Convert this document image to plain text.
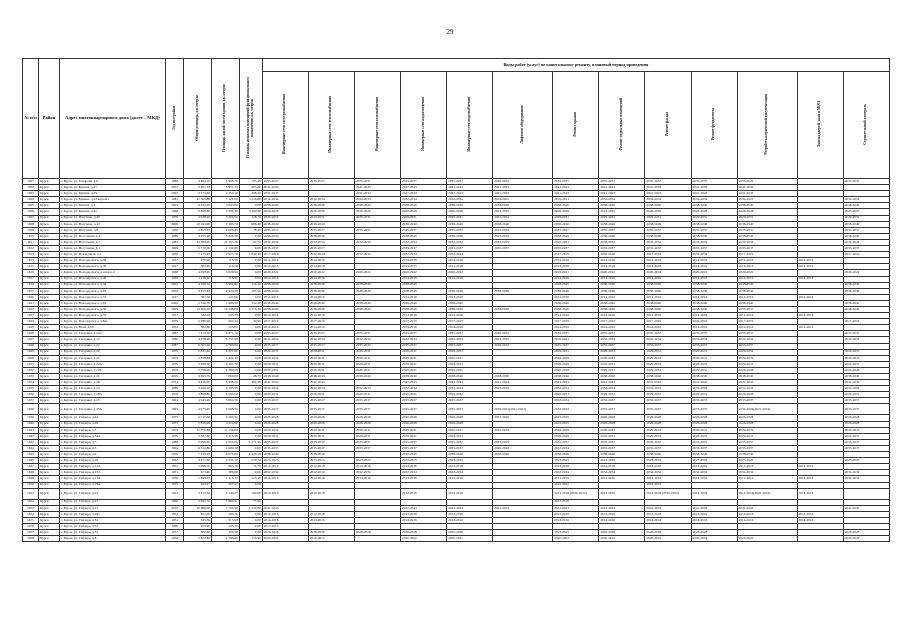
29
№ п/п	Район	Адрес многоквартирного дома (далее – МКД)	Год постройки	Общая площадь, кв. метров	Площадь жилой части здания, кв. метров	Площадь нежилых помещений функционального назначения, кв. метров	Виды работ (услуг) по капитальному ремонту, плановый период проведения												
							Инженерные сети электроснабжения	Инженерные сети теплоснабжения	Инженерные сети газоснабжения	Инженерные сети водоотведения	Инженерные сети водоснабжения	Лифтовое оборудование	Ремонт крыши	Ремонт подвальных помещений	Ремонт фасада	Ремонт фундамента	Разработка проектной документации	Замена дверей, окон в МОП	Строительный контроль
1601	Курск	г. Курск, ул. Бочарова, д.6	1988	4 864,10	3 906,70	705,40	2035-2037	2035-2037	2035-2037	2035-2037	2035-2037	2020-2022	2035-2037	2035-2037	2035-2037	2035-2037	2035-2022		2035-2037
1602	Курск	г. Курск, ул. Бунина, д.17	2003	5 901,30	3 901,30	205,20	2041-2043		2041-2043	2041-2043	2041-2043	2041-2043	2041-2043	2041-2043	2041-2043	2041-2043	2041-2043		
1603	Курск	г. Курск, ул. Бунина, д.19	2003	3 573,60	2 454,10	368,40	2041-2043		2041-2043	2041-2043	2041-2043	2041-2043	2041-2043	2041-2043	2041-2043	2041-2043	2041-2043		
1604	Курск	г. Курск, ул. Бунина, д.22 корп.Б1	1981	11 565,80	7 121,50	3 216,80	2032-2034	2032-2034	2032-2034	2032-2034	2032-2034	2023-2025	2019-2021	2032-2034	2032-2034	2032-2034	2032-2023		2032-2034
1605	Курск	г. Курск, ул. Бунина, д.3	2004	6 652,00	5 047,80	0,00	2038-2040	2038-2040	2038-2040	2038-2040	2038-2040	2038-2040	2038-2040	2038-2040	2038-2040	2038-2040	2038-2040		2038-2040
1606	Курск	г. Курск, ул. Бунина, д.4а	1998	9 866,60	3 290,30	3 160,90	2026-2028	2026-2028	2026-2028	2026-2028	2026-2028	2023-2025	2026-2028	2023-2025	2026-2028	2026-2028	2026-2028		2023-2025
1607	Курск	г. Курск, ул. Ватутина, д.20	1976	4 638,20	3 204,90	128,70	2029-2031	2029-2031	2029-2031	2029-2031	2029-2031	2032-2034	2029-2031	2029-2031	2029-2031	2029-2031	2029-2031		2029-2031
1608	Курск	г. Курск, ул. Ватутина, д.23	2006	10 044,90	7 395,70	686,40	2038-2040	2038-2040		2038-2040	2038-2040	2038-2040	2038-2040	2038-2040	2038-2040	2038-2040	2038-2040		2038-2040
1609	Курск	г. Курск, ул. Ватутина, д.8	1960	2 825,10	2 006,40	78,40	2035-2037	2035-2037	2035-2037	2035-2037	2035-2037	2032-2034	2035-2037	2035-2037	2035-2037	2035-2037	2035-2037		2035-2037
1610	Курск	г. Курск, ул. Восточная, д.4	1989	4 955,40	3 626,20	0,00	2038-2040	2038-2040		2038-2040	2038-2040	2023-2025	2038-2040	2038-2040	2038-2040	2038-2040	2038-2040		2038-2040
1611	Курск	г. Курск, ул. Восточная, д.7	1982	34 394,20	22 507,20	62,70	2032-2034	2032-2034	2032-2034	2032-2034	2032-2034	2023-2025	2019-2021	2032-2034	2032-2034	2032-2034	2032-2034		2032-2034
1612	Курск	г. Курск, ул. Восточная, д.1	1999	2 779,50	2 132,80	0,00	2035-2037	2035-2037		2035-2037	2035-2037	2035-2037	2035-2037	2035-2037	2035-2037	2035-2037	2035-2037		2035-2037
1613	Курск	г. Курск, ул. Вокзальная, д.1	1956	7 175,40	2 927,70	1 044,30	2017-2019	2032-2034	2032-2034	2032-2034	2032-2034		2017-2019	2018-2018	2017-2019	2032-2034	2017-2019		2017-2019
1614	Курск	г. Курск, ул. Володарского, д.39	1917	270,90	115,50	0,00	2014-2016	2014-2016		2014-2016	2014-2016		2014-2016	2014-2016	2014-2016	2014-2016	2014-2016	2014-2016	
1615	Курск	г. Курск, ул. Володарского, д.36	1917	301,20	114,50	0,00	2014-2015	2014-2016		2014-2015	2014-2016		2014-2016	2014-2016	2014-2016	2014-2016	2014-2016	2014-2016	
1616	Курск	г. Курск, ул. Володарского, д.4 корп.2	1968	4 998,20	3 829,60	0,00	2020-2022	2020-2022	2020-2022	2020-2022	2020-2022		2019-2021	2020-2022	2020-2022	2020-2022	2020-2022		2020-2022
1617	Курск	г. Курск, ул. Володарского, д.46	1939	1 118,20	716,90	0,00	2014-2016	2014-2016		2014-2016	2014-2016		2014-2016	2014-2016	2014-2016	2014-2016	2014-2016	2014-2016	
1618	Курск	г. Курск, ул. Володарского, д.44	2002	4 766,30	3 592,80	114,40	2038-2040	2038-2040	2038-2040	2038-2040			2038-2040	2038-2040	2038-2040	2038-2040	2038-2040		2038-2040
1619	Курск	г. Курск, ул. Володарского, д.16	2004	3 255,80	2 429,40	103,50	2038-2040	2038-2040	2038-2040	2038-2040	2038-2040	2038-2040	2038-2040	2038-2040	2038-2040	2038-2040	2038-2040		2038-2040
1620	Курск	г. Курск, ул. Володарского, д.57	1917	381,50	127,00	0,00	2014-2016	2014-2016		2014-2016	2014-2016		2014-2016	2014-2016	2014-2016	2014-2016	2014-2016	2014-2016	
1621	Курск	г. Курск, ул. Володарского, д.63	2004	2 740,70	1 990,50	352,20	2038-2040	2038-2040	2038-2040	2038-2040	2038-2040		2038-2040	2038-2040	2038-2040	2038-2040	2038-2040		2038-2040
1622	Курск	г. Курск, ул. Володарского, д.58	2009	14 066,50	10 246,00	3 276,30	2038-2040	2038-2040	2038-2040	2038-2040	2038-2040	2038-2040	2038-2040	2038-2040	2038-2040	2038-2040	2035-2037		2038-2040
1623	Курск	г. Курск, ул. Володарского, д.75	1917	342,20	245,30	0,00	2014-2016	2014-2016		2014-2016	2014-2016		2014-2016	2014-2016	2014-2016	2014-2016	2014-2016	2014-2016	
1624	Курск	г. Курск, ул. Володарского, д.6А	1959	2 086,90	902,20	30,90	2017-2019	2017-2019		2017-2019	2017-2019		2017-2019	2017-2019	2017-2019	2020-2022	2017-2019		2017-2019
1625	Курск	г. Курск, ул. Всей, д.58	1954	381,30	225,00	0,00	2014-2016	2014-2016		2014-2016	2014-2016		2014-2016	2014-2016	2014-2016	2014-2016	2014-2016	2014-2016	
1626	Курск	г. Курск, ул. Гагарина, д.24А	1987	7 115,50	4 871,10	0,00	2035-2037	2035-2037	2035-2037	2035-2037	2035-2037	2020-2022	2035-2037	2035-2037	2035-2037	2035-2037	2035-2037		2035-2037
1627	Курск	г. Курск, ул. Гагарина, д.12	1980	4 778,90	3 757,00	0,00	2032-2034	2032-2034	2032-2034	2032-2034	2032-2034	2023-2025	2019-2021	2032-2034	2032-2034	2032-2034	2032-2034		2032-2034
1628	Курск	г. Курск, ул. Гагарина, д.22	1987	6 505,20	4 700,80	0,00	2035-2037	2035-2037	2035-2037	2035-2037	2035-2037	2020-2022	2035-2037	2035-2037	2035-2037	2035-2037	2035-2037		
1629	Курск	г. Курск, ул. Гагарина, д.29	1979	5 831,40	4 327,60	0,00	2029-2031	2029-2031	2029-2031	2029-2031	2029-2031		2029-2031	2029-2031	2029-2031	2029-2031	2029-2031		2029-2031
1630	Курск	г. Курск, ул. Гагарина, д.21	1976	5 858,40	4 402,10	0,00	2029-2031	2029-2031	2029-2031	2029-2031	2029-2031		2026-2028	2029-2031	2029-2031	2029-2031	2029-2031		2029-2031
1631	Курск	г. Курск, ул. Гагарина, д.22А	1976	5 698,50	4 401,70	0,00	2029-2031	2029-2031	2029-2031	2029-2031	2029-2031		2026-2028	2029-2031	2029-2031	2029-2031	2029-2031		2029-2031
1632	Курск	г. Курск, ул. Гагарина, д.22Б	1978	5 758,90	4 389,40	0,00	2029-2031	2029-2031	2029-2031	2029-2031	2029-2031		2026-2028	2029-2031	2029-2031	2029-2031	2026-2028		2026-2028
1633	Курск	г. Курск, ул. Гагарина, д.2а	2005	9 093,70	7 069,00	28,70	2038-2040	2038-2040	2038-2040	2038-2040	2038-2040	2038-2040	2038-2040	2038-2040	2038-2040	2038-2040	2038-2040		2038-2040
1634	Курск	г. Курск, ул. Гагарина, д.2Б	2011	8 110,90	5 498,20	490,40	2041-2043	2041-2043		2041-2043	2041-2043	2041-2043	2041-2043	2041-2043	2041-2043	2041-2043	2041-2043		2041-2043
1635	Курск	г. Курск, ул. Гагарина, д.24	1989	2 406,20	4 393,90	0,00	2032-2034	2032-2034	2032-2034	2032-2034	2032-2034	2023-2025	2032-2034	2032-2034	2032-2034	2032-2034	2032-2034		2032-2034
1636	Курск	г. Курск, ул. Гагарина, д.26А	1978	5 808,80	4 594,90	0,00	2029-2031	2029-2031	2029-2031	2029-2031	2029-2031		2029-2031	2029-2031	2029-2031	2029-2031	2026-2028		2029-2031
1637	Курск	г. Курск, ул. Гагарина, д.25	1994	4 945,40	3 664,30	0,00	2035-2037	2035-2037	2035-2037	2035-2037	2035-2037		2032-2034	2035-2037	2035-2037	2035-2037	2035-2037		2035-2037
1638	Курск	г. Курск, ул. Гагарина, д.25А	1994	4 975,20	3 668,30	0,00	2035-2037	2035-2037	2035-2037	2035-2037	2035-2037	2019-2022(2021-2024)	2032-2034	2035-2037	2035-2037	2035-2037	2034-2024(2021-2024)		2035-2037
1639	Курск	г. Курск, ул. Гайдара, д.24	1975	5 717,50	4 204,30	0,00	2026-2028	2026-2028	2026-2028	2026-2028	2026-2028	2023-2025	2023-2025	2026-2028	2026-2028	2026-2028	2026-2028		2026-2028
1640	Курск	г. Курск, ул. Гайдара, д.28	1975	5 819,90	4 411,80	0,00	2026-2028	2026-2028	2026-2028	2026-2028	2026-2028		2023-2025	2026-2028	2026-2028	2026-2028	2026-2028		2026-2028
1641	Курск	г. Курск, ул. Гайдара, д.3	1976	12 750,80	11 250,00	0,00	2029-2031	2029-2031	2029-2031	2029-2031	2029-2031	2032-2034	2026-2028	2029-2031	2029-2031	2029-2031	2029-2031		2029-2031
1642	Курск	г. Курск, ул. Гайдара, д.34А	1976	5 687,80	4 416,90	0,00	2029-2031	2029-2031	2029-2031	2029-2031	2029-2031		2026-2028	2029-2031	2029-2031	2029-2031	2029-2031		2029-2031
1643	Курск	г. Курск, ул. Гайдара, д.5	1988	5 998,40	4 251,00	1 271,50	2035-2037	2035-2037	2035-2037	2035-2037	2035-2037	2023-2025	2035-2037	2035-2037	2035-2037	2035-2037	2035-2037		2035-2037
1644	Курск	г. Курск, ул. Гайдара, д.5	1994	6 512,80	4 699,10	0,00	2035-2037	2035-2037	2035-2037	2035-2037	2035-2037	2020-2022	2032-2034	2035-2037	2035-2037	2035-2037	2035-2037		2035-2037
1645	Курск	г. Курск, ул. Гайдара, д.6	2006	7 344,40	6 071,00	1 226,20	2038-2040	2038-2040		2038-2040	2038-2040	2038-2040	2038-2040	2038-2040	2038-2040	2038-2040	2038-2040		
1646	Курск	г. Курск, ул. Гайдара, д.10	1967	4 271,60	3 341,10	520,30	2023-2025	2023-2025	2023-2025	2023-2025	2023-2025		2023-2025	2023-2025	2023-2025	2023-2025	2023-2025		2023-2025
1647	Курск	г. Курск, ул. Гайдара, д.12А	1952	1 998,50	685,10	74,70	2014-2016	2014-2016	2014-2016	2014-2016	2014-2016		2014-2016	2014-2016	2014-2016	2014-2016	2014-2016	2014-2016	
1648	Курск	г. Курск, ул. Гайдара, д.13/1	1951	475,40	386,00	0,00	2032-2034	2032-2034	2032-2034	2032-2034	2032-2034		2032-2034	2032-2034	2032-2034	2032-2034	2032-2034		2032-2034
1649	Курск	г. Курск, ул. Гайдара, д.13А	1956	1 895,10	1 116,10	225,10	2014-2016	2014-2016	2014-2016	2014-2016	2014-2016		2014-2016	2014-2016	2014-2016	2014-2016	2014-2016	2014-2016	2032-2034
1650	Курск	г. Курск, ул. Гайдара, д.19А	1939	443,97	397,57	0,00							2019-2022		2019-2022				
1651	Курск	г. Курск, ул. Гайдара, д.22	1952	3 215,60	2 549,27	160,66	2014-2016	2014-2016		2014-2016	2014-2016		2014-2016 (2020-2022)	2014-2016	2014-2016 (2019-2022)	2014-2016	2014-2016(2020-2022)	2014-2016	
1652	Курск	г. Курск, ул. Гайдара, д.23	1960	2 691,70	1 960,91	77,90							2017-2019						
1653	Курск	г. Курск, ул. Гайдара, д.25	2018	10 990,00	7 709,50	1 524,00	2041-2043			2041-2043	2041-2043	2041-2043	2041-2043	2041-2043	2041-2043	2041-2043	2041-2043		2041-2043
1654	Курск	г. Курск, ул. Гайдара, д.28а	1954	451,90	406,10	0,00	2014-2016	2014-2016		2014-2016	2014-2016		2014-2016	2014-2016	2014-2016	2014-2016	2014-2016	2014-2016	
1655	Курск	г. Курск, ул. Гайдара, д.32	1951	535,30	315,90	0,00	2014-2016	2014-2016		2014-2016	2014-2016		2014-2016	2014-2016	2014-2016	2014-2016	2014-2016	2014-2016	
1656	Курск	г. Курск, ул. Гайдара, д.33	1960	250,90	245,10	0,00	2017-2019												
1657	Курск	г. Курск, ул. Гайдара, д.35	1977	500,60	320,30	0,00	2026-2028	2026-2028	2026-2028	2026-2028	2026-2028		2023-2025	2026-2028	2026-2028	2026-2028			2026-2028
1658	Курск	г. Курск, ул. Гайдара, д.8	1958	2 402,80	1 786,40	150,90	2020-2022	2020-2022		2020-2022	2020-2022		2020-2022	2020-2022	2020-2022	2020-2022	2020-2022		2020-2022
